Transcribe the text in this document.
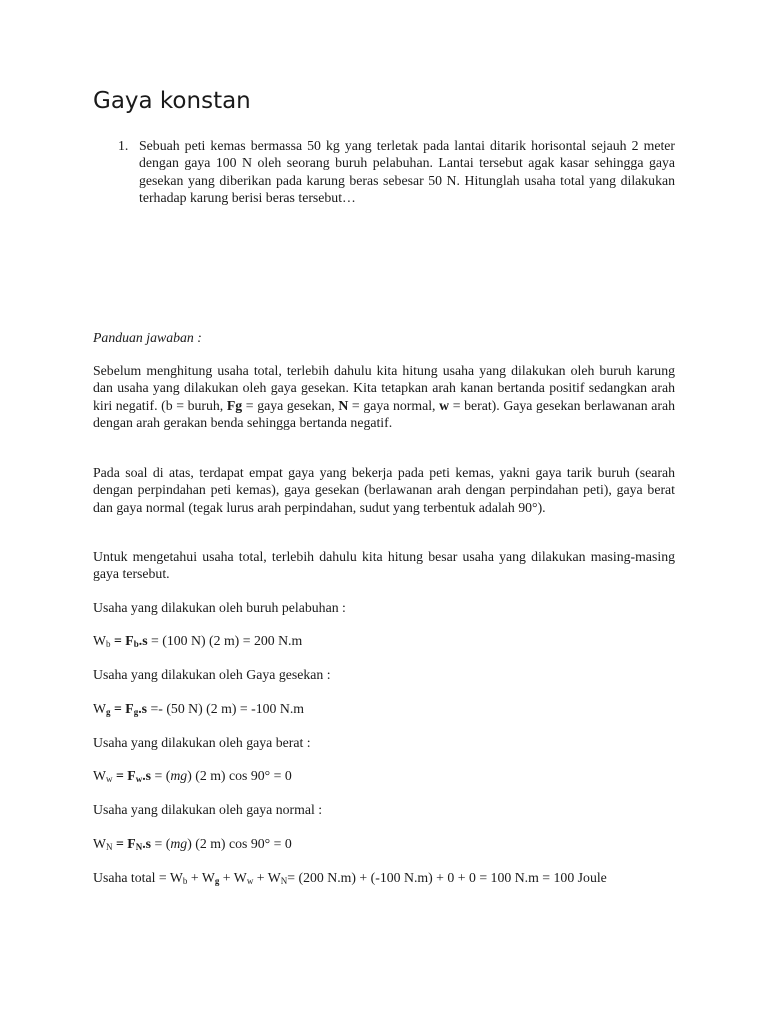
Gaya konstan
1. Sebuah peti kemas bermassa 50 kg yang terletak pada lantai ditarik horisontal sejauh 2 meter dengan gaya 100 N oleh seorang buruh pelabuhan. Lantai tersebut agak kasar sehingga gaya gesekan yang diberikan pada karung beras sebesar 50 N. Hitunglah usaha total yang dilakukan terhadap karung berisi beras tersebut…

Panduan jawaban :

Sebelum menghitung usaha total, terlebih dahulu kita hitung usaha yang dilakukan oleh buruh karung dan usaha yang dilakukan oleh gaya gesekan. Kita tetapkan arah kanan bertanda positif sedangkan arah kiri negatif. (b = buruh, Fg = gaya gesekan, N = gaya normal, w = berat). Gaya gesekan berlawanan arah dengan arah gerakan benda sehingga bertanda negatif.

Pada soal di atas, terdapat empat gaya yang bekerja pada peti kemas, yakni gaya tarik buruh (searah dengan perpindahan peti kemas), gaya gesekan (berlawanan arah dengan perpindahan peti), gaya berat dan gaya normal (tegak lurus arah perpindahan, sudut yang terbentuk adalah 90°).

Untuk mengetahui usaha total, terlebih dahulu kita hitung besar usaha yang dilakukan masing-masing gaya tersebut.

Usaha yang dilakukan oleh buruh pelabuhan :

$W_b = F_b.s = (100$ N) (2 m) = 200 N.m

Usaha yang dilakukan oleh Gaya gesekan :

$W_g = F_g.s =- (50$ N) (2 m) = -100 N.m

Usaha yang dilakukan oleh gaya berat :

$W_w = F_w.s = (mg)$ (2 m) cos 90° = 0

Usaha yang dilakukan oleh gaya normal :

$W_N = F_N.s = (mg)$ (2 m) cos 90° = 0

Usaha total = $W_b + W_g + W_w + W_N= (200$ N.m) + (-100 N.m) + 0 + 0 = 100 N.m = 100 Joule
